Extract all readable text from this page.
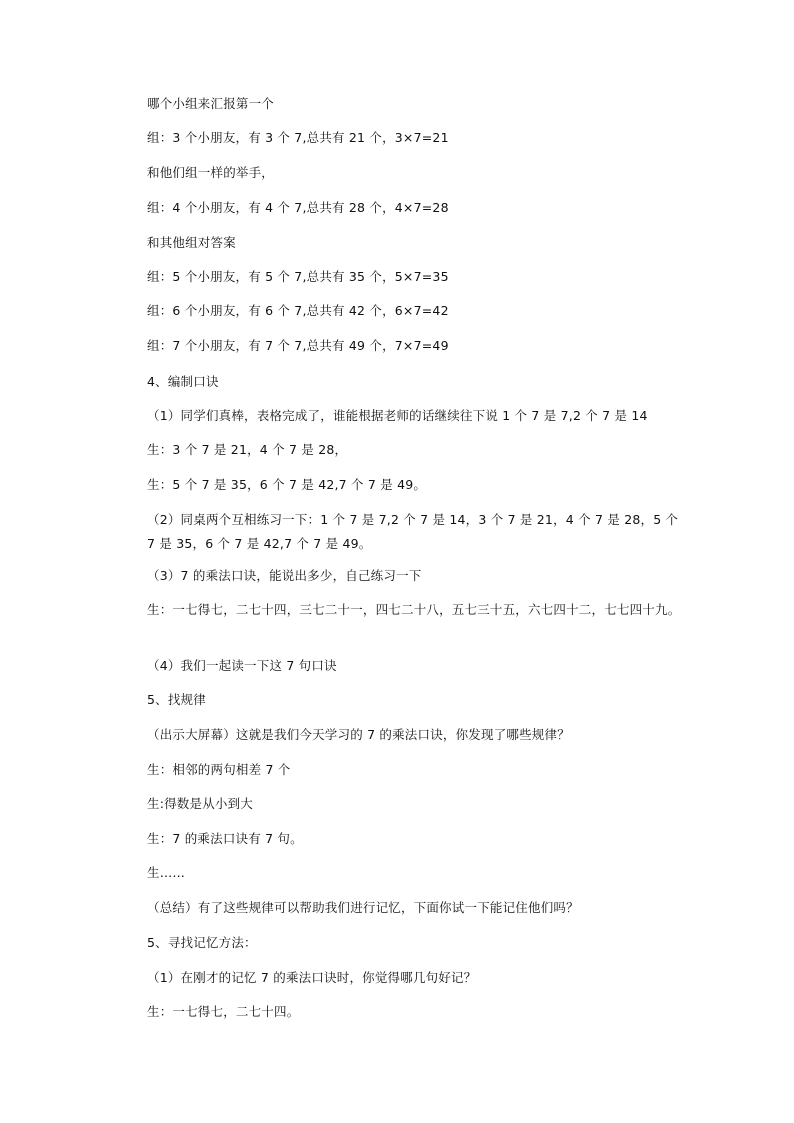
哪个小组来汇报第一个
组：3 个小朋友，有 3 个 7,总共有 21 个，3×7=21
和他们组一样的举手，
组：4 个小朋友，有 4 个 7,总共有 28 个，4×7=28
和其他组对答案
组：5 个小朋友，有 5 个 7,总共有 35 个，5×7=35
组：6 个小朋友，有 6 个 7,总共有 42 个，6×7=42
组：7 个小朋友，有 7 个 7,总共有 49 个，7×7=49
4、编制口诀
（1）同学们真棒，表格完成了，谁能根据老师的话继续往下说 1 个 7 是 7,2 个 7 是 14
生：3 个 7 是 21，4 个 7 是 28，
生：5 个 7 是 35，6 个 7 是 42,7 个 7 是 49。
（2）同桌两个互相练习一下：1 个 7 是 7,2 个 7 是 14，3 个 7 是 21，4 个 7 是 28，5 个 7 是 35，6 个 7 是 42,7 个 7 是 49。
（3）7 的乘法口诀，能说出多少，自己练习一下
生：一七得七，二七十四，三七二十一，四七二十八，五七三十五，六七四十二，七七四十九。
（4）我们一起读一下这 7 句口诀
5、找规律
（出示大屏幕）这就是我们今天学习的 7 的乘法口诀，你发现了哪些规律？
生：相邻的两句相差 7 个
生:得数是从小到大
生：7 的乘法口诀有 7 句。
生……
（总结）有了这些规律可以帮助我们进行记忆，下面你试一下能记住他们吗？
5、寻找记忆方法：
（1）在刚才的记忆 7 的乘法口诀时，你觉得哪几句好记？
生：一七得七，二七十四。
